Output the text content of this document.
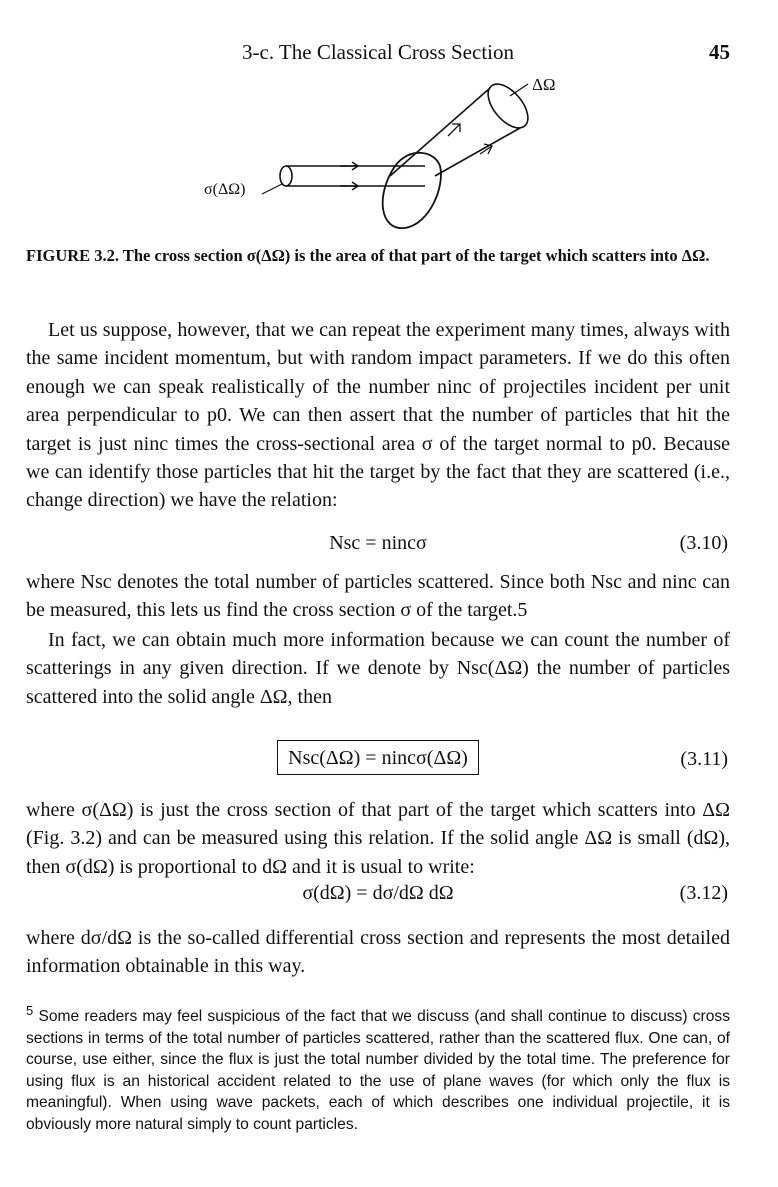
3-c. The Classical Cross Section	45
ΔΩ
σ(ΔΩ)
FIGURE 3.2. The cross section σ(ΔΩ) is the area of that part of the target which scatters into ΔΩ.
Let us suppose, however, that we can repeat the experiment many times, always with the same incident momentum, but with random impact parameters. If we do this often enough we can speak realistically of the number ninc of projectiles incident per unit area perpendicular to p0. We can then assert that the number of particles that hit the target is just ninc times the cross-sectional area σ of the target normal to p0. Because we can identify those particles that hit the target by the fact that they are scattered (i.e., change direction) we have the relation:
Nsc = nincσ	(3.10)
where Nsc denotes the total number of particles scattered. Since both Nsc and ninc can be measured, this lets us find the cross section σ of the target.5
In fact, we can obtain much more information because we can count the number of scatterings in any given direction. If we denote by Nsc(ΔΩ) the number of particles scattered into the solid angle ΔΩ, then
Nsc(ΔΩ) = nincσ(ΔΩ)	(3.11)
where σ(ΔΩ) is just the cross section of that part of the target which scatters into ΔΩ (Fig. 3.2) and can be measured using this relation. If the solid angle ΔΩ is small (dΩ), then σ(dΩ) is proportional to dΩ and it is usual to write:
σ(dΩ) = dσ/dΩ dΩ	(3.12)
where dσ/dΩ is the so-called differential cross section and represents the most detailed information obtainable in this way.
$^5$ Some readers may feel suspicious of the fact that we discuss (and shall continue to discuss) cross sections in terms of the total number of particles scattered, rather than the scattered flux. One can, of course, use either, since the flux is just the total number divided by the total time. The preference for using flux is an historical accident related to the use of plane waves (for which only the flux is meaningful). When using wave packets, each of which describes one individual projectile, it is obviously more natural simply to count particles.
